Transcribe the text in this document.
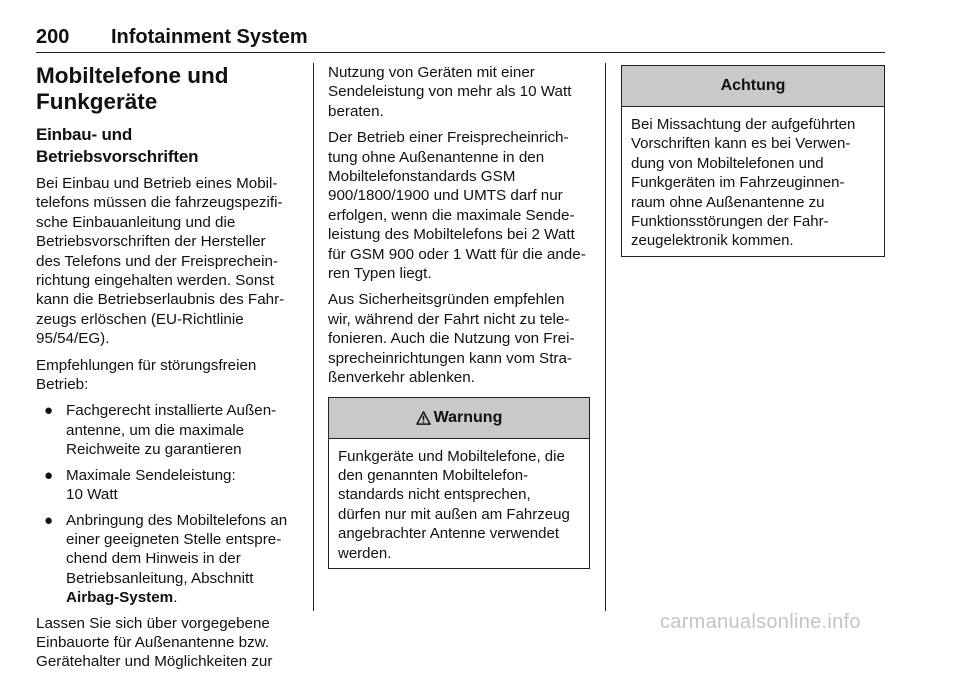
200 Infotainment System
Mobiltelefone und
Funkgeräte
Einbau- und Betriebsvorschriften

Bei Einbau und Betrieb eines Mobil-
telefons müssen die fahrzeugspezifi-
sche Einbauanleitung und die
Betriebsvorschriften der Hersteller
des Telefons und der Freisprechein-
richtung eingehalten werden. Sonst
kann die Betriebserlaubnis des Fahr-
zeugs erlöschen (EU-Richtlinie
95/54/EG).

Empfehlungen für störungsfreien
Betrieb:

● Fachgerecht installierte Außen-
antenne, um die maximale
Reichweite zu garantieren
● Maximale Sendeleistung:
10 Watt
● Anbringung des Mobiltelefons an
einer geeigneten Stelle entspre-
chend dem Hinweis in der
Betriebsanleitung, Abschnitt
Airbag-System.

Lassen Sie sich über vorgegebene
Einbauorte für Außenantenne bzw.
Gerätehalter und Möglichkeiten zur

Nutzung von Geräten mit einer
Sendeleistung von mehr als 10 Watt
beraten.

Der Betrieb einer Freisprecheinrich-
tung ohne Außenantenne in den
Mobiltelefonstandards GSM
900/1800/1900 und UMTS darf nur
erfolgen, wenn die maximale Sende-
leistung des Mobiltelefons bei 2 Watt
für GSM 900 oder 1 Watt für die ande-
ren Typen liegt.

Aus Sicherheitsgründen empfehlen
wir, während der Fahrt nicht zu tele-
fonieren. Auch die Nutzung von Frei-
sprecheinrichtungen kann vom Stra-
ßenverkehr ablenken.

Warnung

Funkgeräte und Mobiltelefone, die
den genannten Mobiltelefon-
standards nicht entsprechen,
dürfen nur mit außen am Fahrzeug
angebrachter Antenne verwendet
werden.

Achtung

Bei Missachtung der aufgeführten
Vorschriften kann es bei Verwen-
dung von Mobiltelefonen und
Funkgeräten im Fahrzeuginnen-
raum ohne Außenantenne zu
Funktionsstörungen der Fahr-
zeugelektronik kommen.

carmanualsonline.info
